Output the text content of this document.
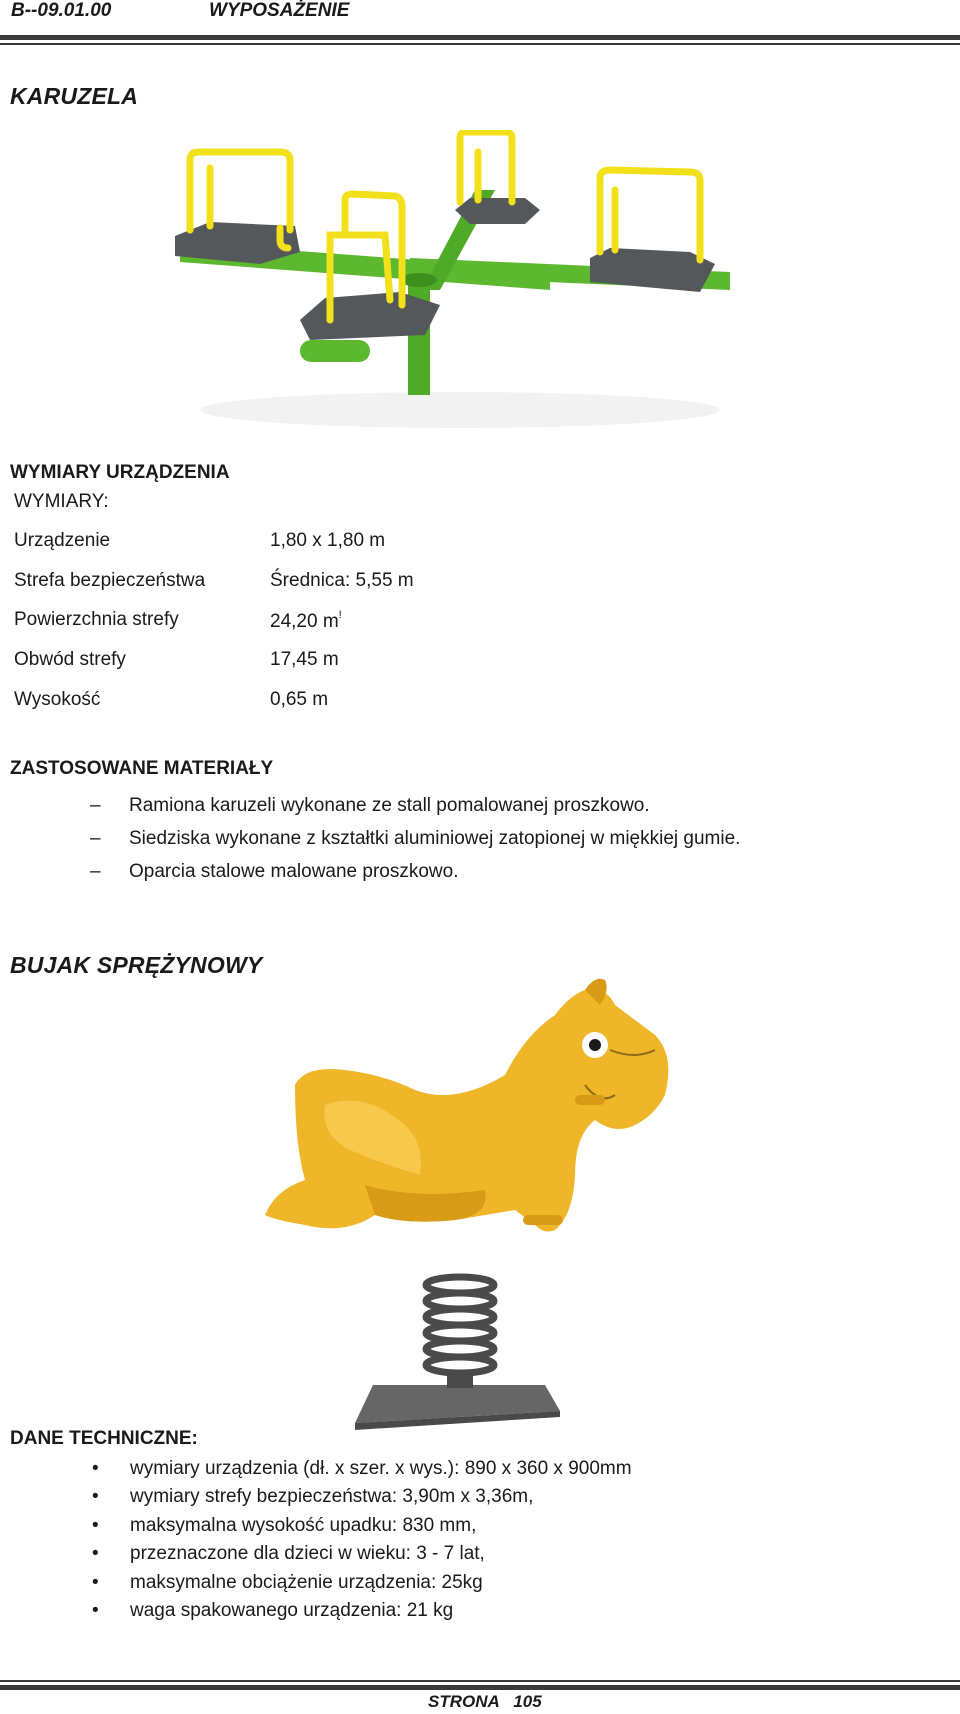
B--09.01.00	WYPOSAŻENIE
KARUZELA
WYMIARY URZĄDZENIA
WYMIARY:
Urządzenie	1,80 x 1,80 m
Strefa bezpieczeństwa	Średnica: 5,55 m
Powierzchnia strefy	24,20 m!
Obwód strefy	17,45 m
Wysokość	0,65 m
ZASTOSOWANE MATERIAŁY
– Ramiona karuzeli wykonane ze stall pomalowanej proszkowo.
– Siedziska wykonane z kształtki aluminiowej zatopionej w miękkiej gumie.
– Oparcia stalowe malowane proszkowo.
BUJAK SPRĘŻYNOWY
DANE TECHNICZNE:
• wymiary urządzenia (dł. x szer. x wys.): 890 x 360 x 900mm
• wymiary strefy bezpieczeństwa: 3,90m x 3,36m,
• maksymalna wysokość upadku: 830 mm,
• przeznaczone dla dzieci w wieku: 3 - 7 lat,
• maksymalne obciążenie urządzenia: 25kg
• waga spakowanego urządzenia: 21 kg
STRONA   105
